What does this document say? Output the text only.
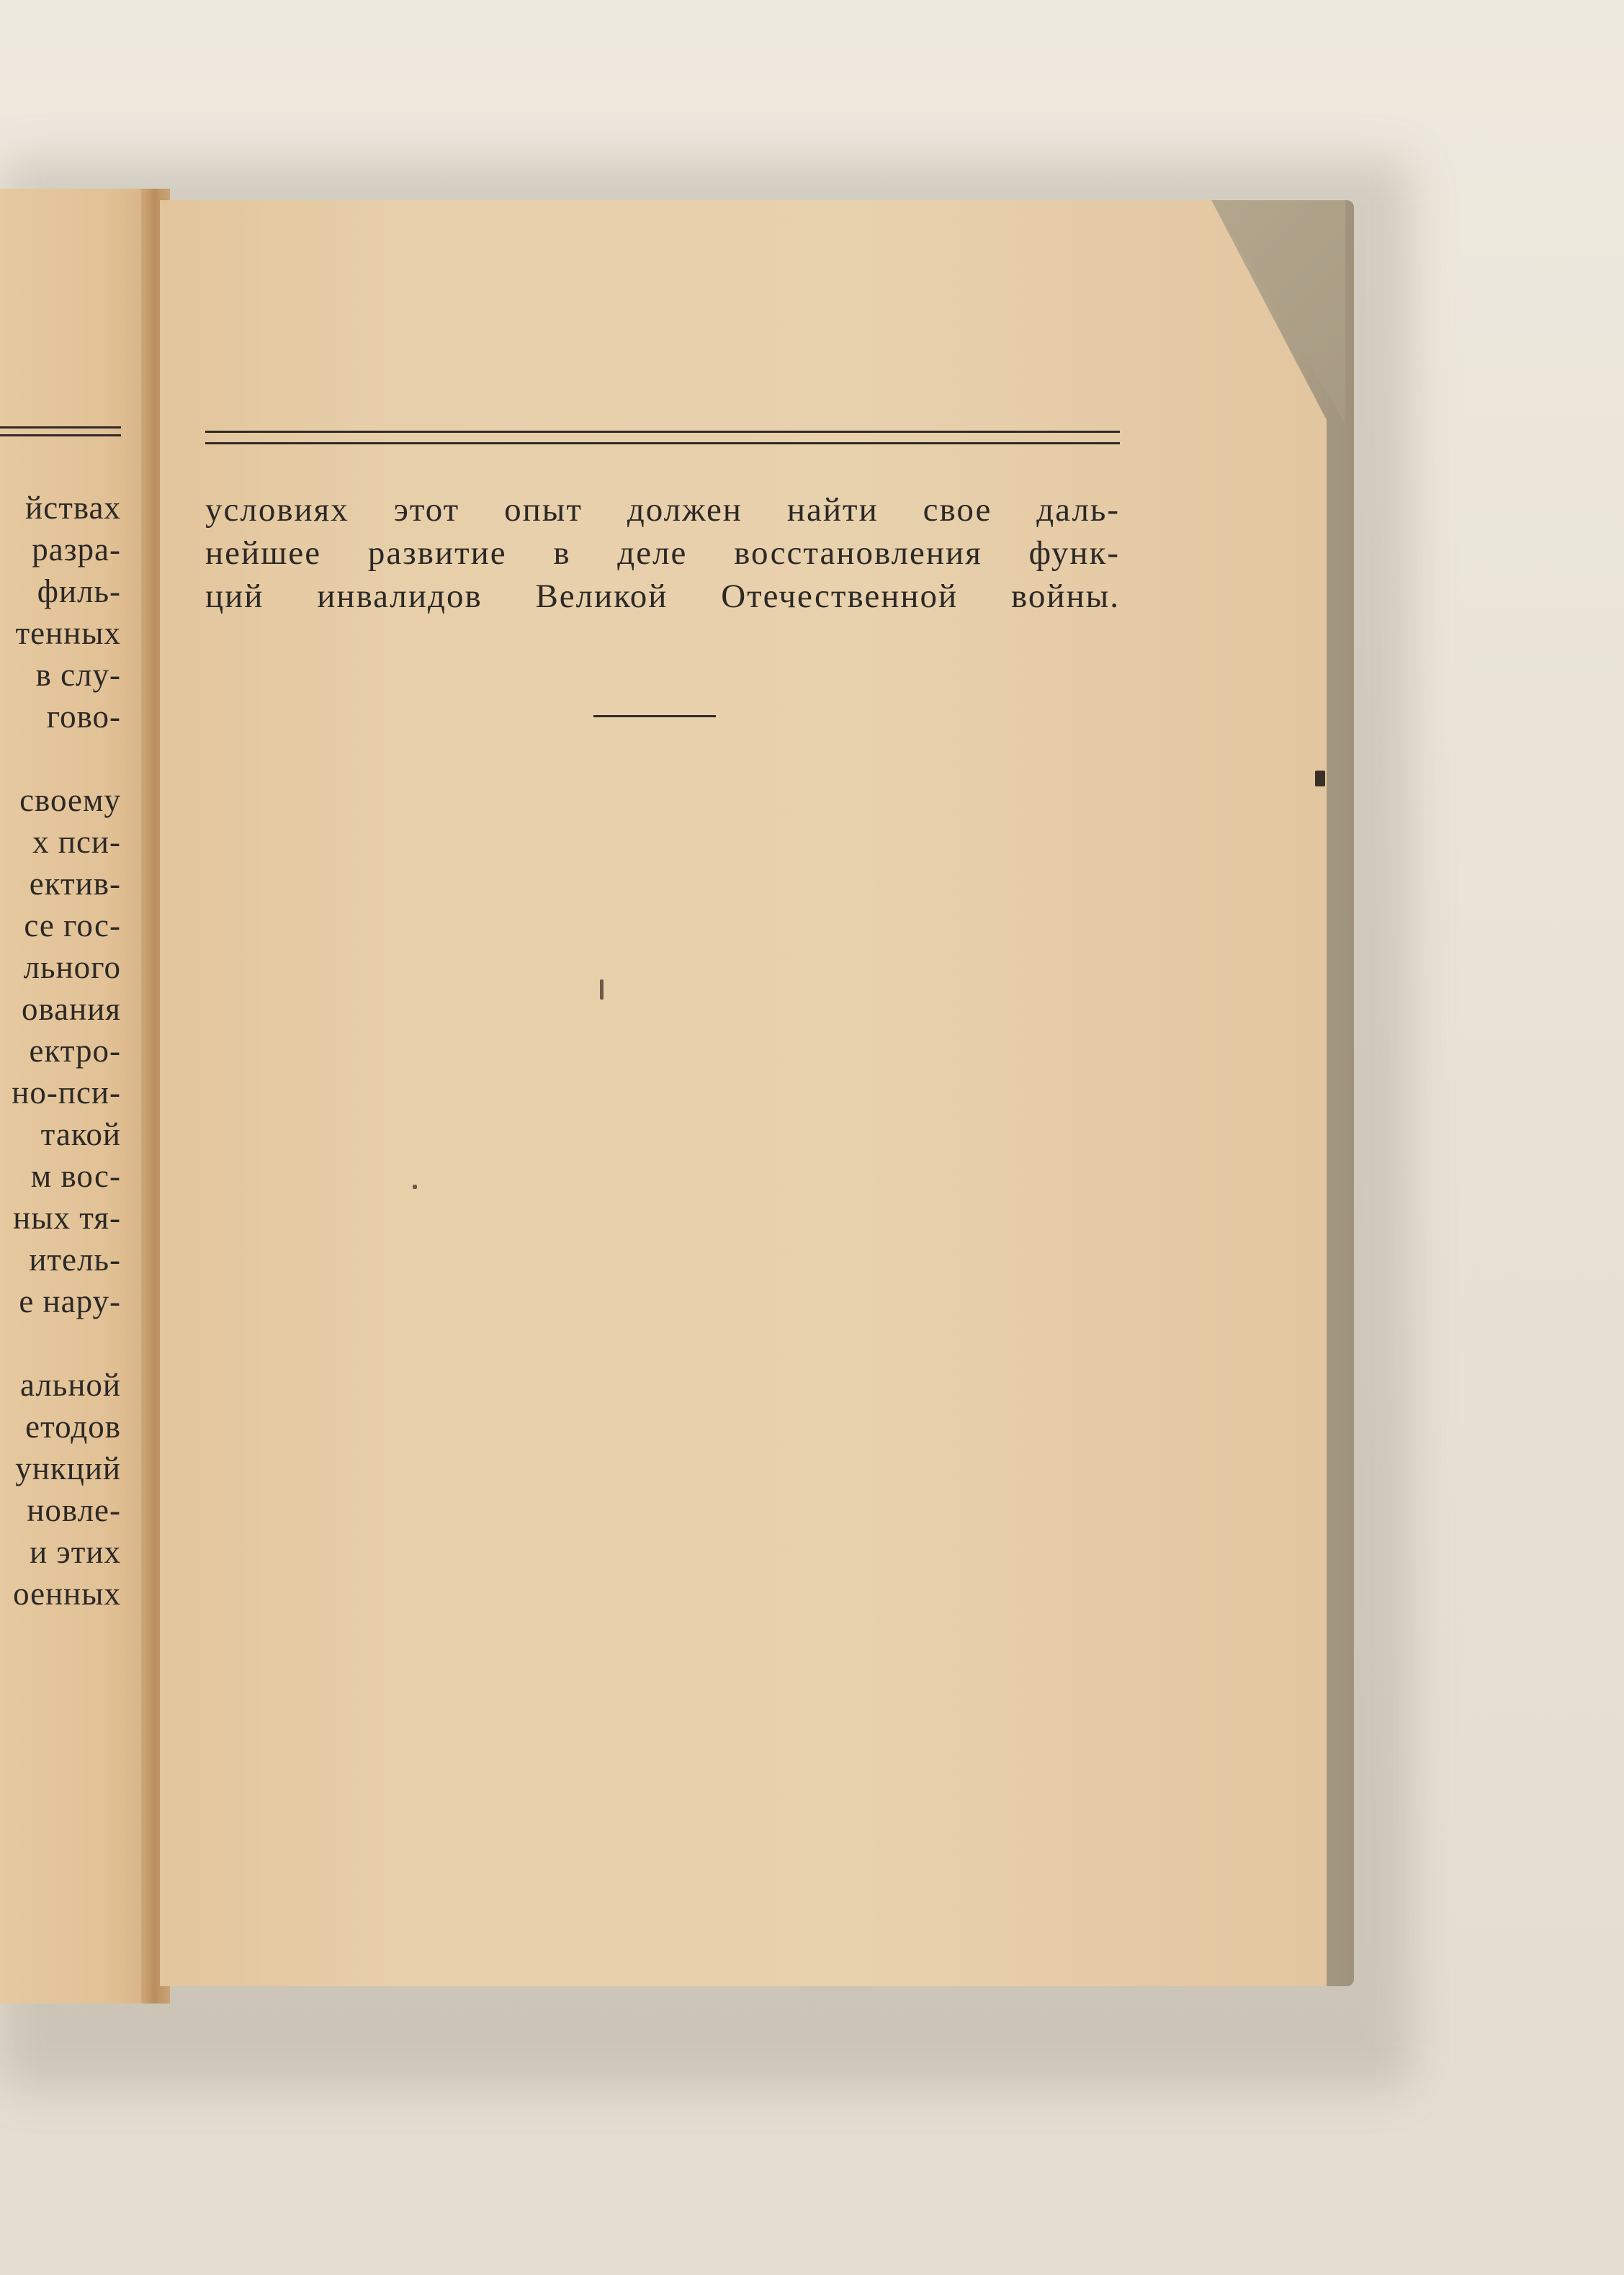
йствах
разра-
филь-
тенных
в слу-
гово-
своему
х пси-
ектив-
се гос-
льного
ования
ектро-
но-пси-
такой
м вос-
ных тя-
итель-
е нару-
альной
етодов
ункций
новле-
и этих
оенных
условиях этот опыт должен найти свое даль-
нейшее развитие в деле восстановления функ-
ций инвалидов Великой Отечественной войны.
